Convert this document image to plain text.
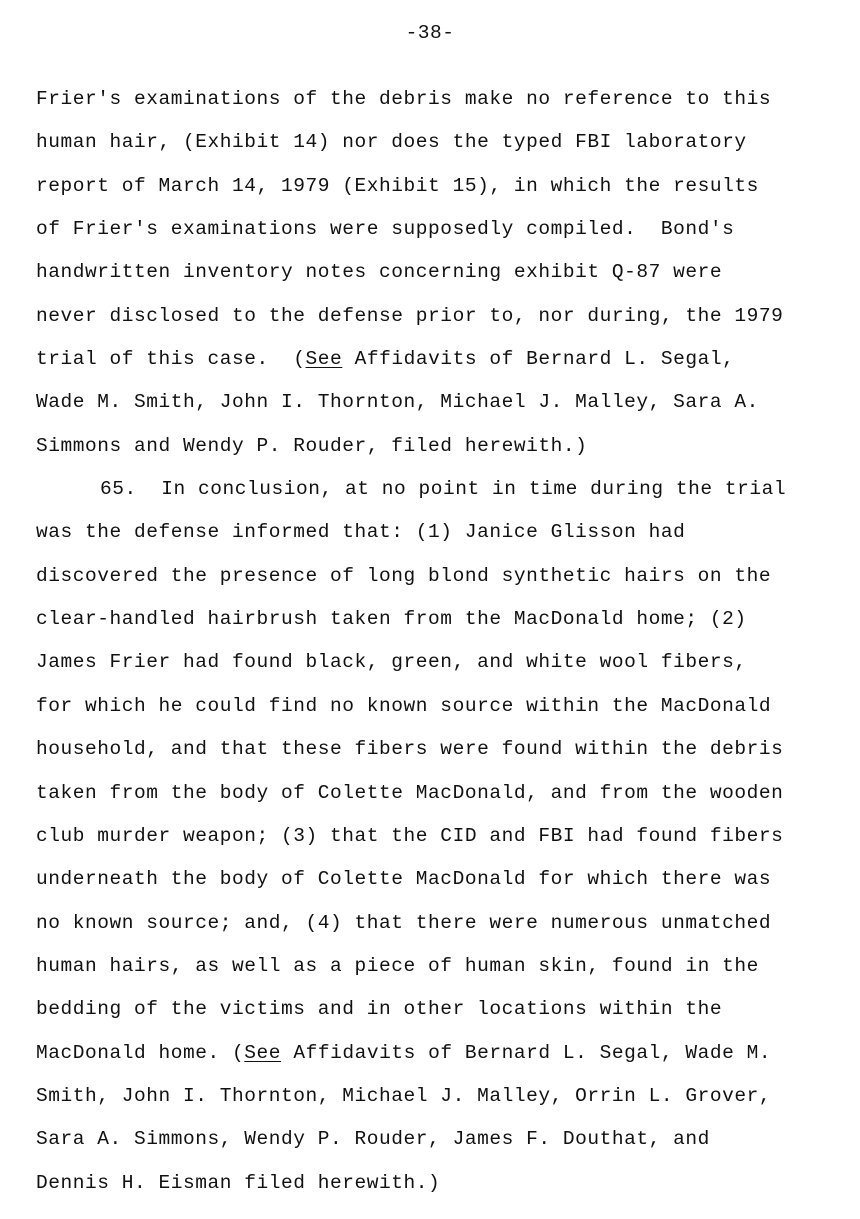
-38-
Frier's examinations of the debris make no reference to this
human hair, (Exhibit 14) nor does the typed FBI laboratory
report of March 14, 1979 (Exhibit 15), in which the results
of Frier's examinations were supposedly compiled.  Bond's
handwritten inventory notes concerning exhibit Q-87 were
never disclosed to the defense prior to, nor during, the 1979
trial of this case.  (See Affidavits of Bernard L. Segal,
Wade M. Smith, John I. Thornton, Michael J. Malley, Sara A.
Simmons and Wendy P. Rouder, filed herewith.)
65.  In conclusion, at no point in time during the trial
was the defense informed that: (1) Janice Glisson had
discovered the presence of long blond synthetic hairs on the
clear-handled hairbrush taken from the MacDonald home; (2)
James Frier had found black, green, and white wool fibers,
for which he could find no known source within the MacDonald
household, and that these fibers were found within the debris
taken from the body of Colette MacDonald, and from the wooden
club murder weapon; (3) that the CID and FBI had found fibers
underneath the body of Colette MacDonald for which there was
no known source; and, (4) that there were numerous unmatched
human hairs, as well as a piece of human skin, found in the
bedding of the victims and in other locations within the
MacDonald home. (See Affidavits of Bernard L. Segal, Wade M.
Smith, John I. Thornton, Michael J. Malley, Orrin L. Grover,
Sara A. Simmons, Wendy P. Rouder, James F. Douthat, and
Dennis H. Eisman filed herewith.)
